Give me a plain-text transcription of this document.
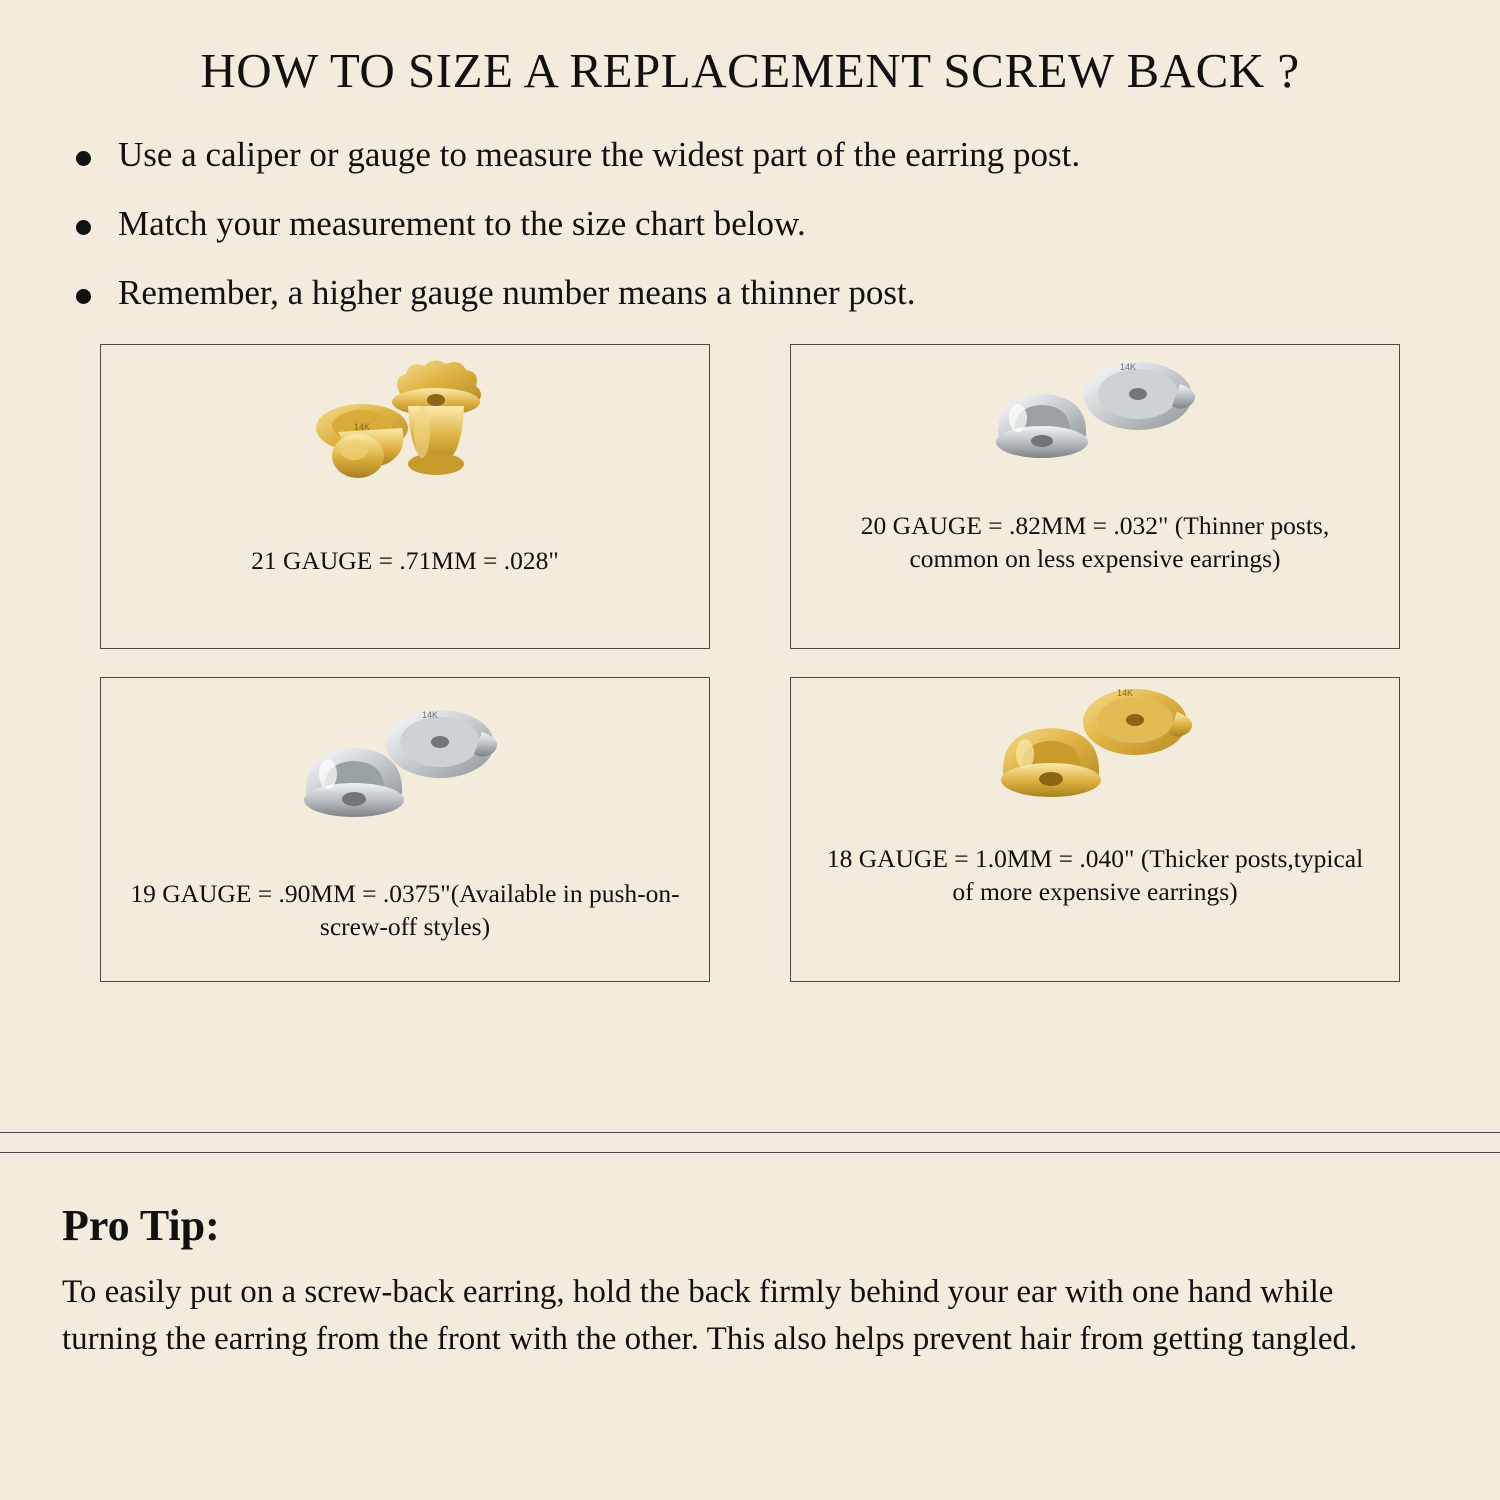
HOW TO SIZE A REPLACEMENT SCREW BACK ?
Use a caliper or gauge to measure the widest part of the earring post.
Match your measurement to the size chart below.
Remember, a higher gauge number means a thinner post.
14K
21 GAUGE = .71MM = .028"
14K
20 GAUGE = .82MM = .032" (Thinner posts, common on less expensive earrings)
14K
19 GAUGE = .90MM = .0375"(Available in push-on-screw-off styles)
14K
18 GAUGE = 1.0MM = .040" (Thicker posts,typical of more expensive earrings)
Pro Tip:
To easily put on a screw-back earring, hold the back firmly behind your ear with one hand while turning the earring from the front with the other. This also helps prevent hair from getting tangled.
